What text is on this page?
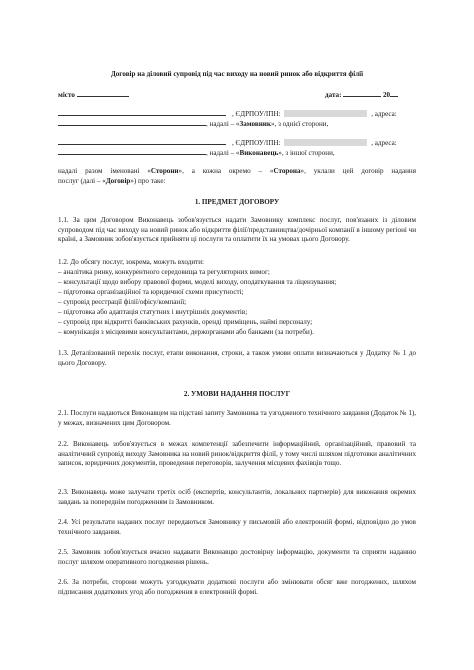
Договір на діловий супровід під час виходу на новий ринок або відкриття філії
місто	дата:	20
, ЄДРПОУ/ІПН:	, адреса:
, надалі – «Замовник», з однієї сторони,
, ЄДРПОУ/ІПН:	, адреса:
, надалі – «Виконавець», з іншої сторони,
надалі разом іменовані «Сторони», а кожна окремо – «Сторона», уклали цей договір надання
послуг (далі – «Договір») про таке:
1. ПРЕДМЕТ ДОГОВОРУ
1.1. За цим Договором Виконавець зобов'язується надати Замовнику комплекс послуг, пов'язаних із діловим супроводом під час виходу на новий ринок або відкриття філії/представництва/дочірньої компанії в іншому регіоні чи країні, а Замовник зобов'язується прийняти ці послуги та оплатити їх на умовах цього Договору.
1.2. До обсягу послуг, зокрема, можуть входити:
– аналітика ринку, конкурентного середовища та регуляторних вимог;
– консультації щодо вибору правової форми, моделі виходу, оподаткування та ліцензування;
– підготовка організаційної та юридичної схеми присутності;
– супровід реєстрації філії/офісу/компанії;
– підготовка або адаптація статутних і внутрішніх документів;
– супровід при відкритті банківських рахунків, оренді приміщень, наймі персоналу;
– комунікація з місцевими консультантами, держорганами або банками (за потреби).
1.3. Деталізований перелік послуг, етапи виконання, строки, а також умови оплати визначаються у Додатку № 1 до цього Договору.
2. УМОВИ НАДАННЯ ПОСЛУГ
2.1. Послуги надаються Виконавцем на підставі запиту Замовника та узгодженого технічного завдання (Додаток № 1), у межах, визначених цим Договором.
2.2. Виконавець зобов'язується в межах компетенції забезпечити інформаційний, організаційний, правовий та аналітичний супровід виходу Замовника на новий ринок/відкриття філії, у тому числі шляхом підготовки аналітичних записок, юридичних документів, проведення переговорів, залучення місцевих фахівців тощо.
2.3. Виконавець може залучати третіх осіб (експертів, консультантів, локальних партнерів) для виконання окремих завдань за попереднім погодженням із Замовником.
2.4. Усі результати наданих послуг передаються Замовнику у письмовій або електронній формі, відповідно до умов технічного завдання.
2.5. Замовник зобов'язується вчасно надавати Виконавцю достовірну інформацію, документи та сприяти наданню послуг шляхом оперативного погодження рішень.
2.6. За потреби, сторони можуть узгоджувати додаткові послуги або змінювати обсяг вже погоджених, шляхом підписання додаткових угод або погодження в електронній формі.
